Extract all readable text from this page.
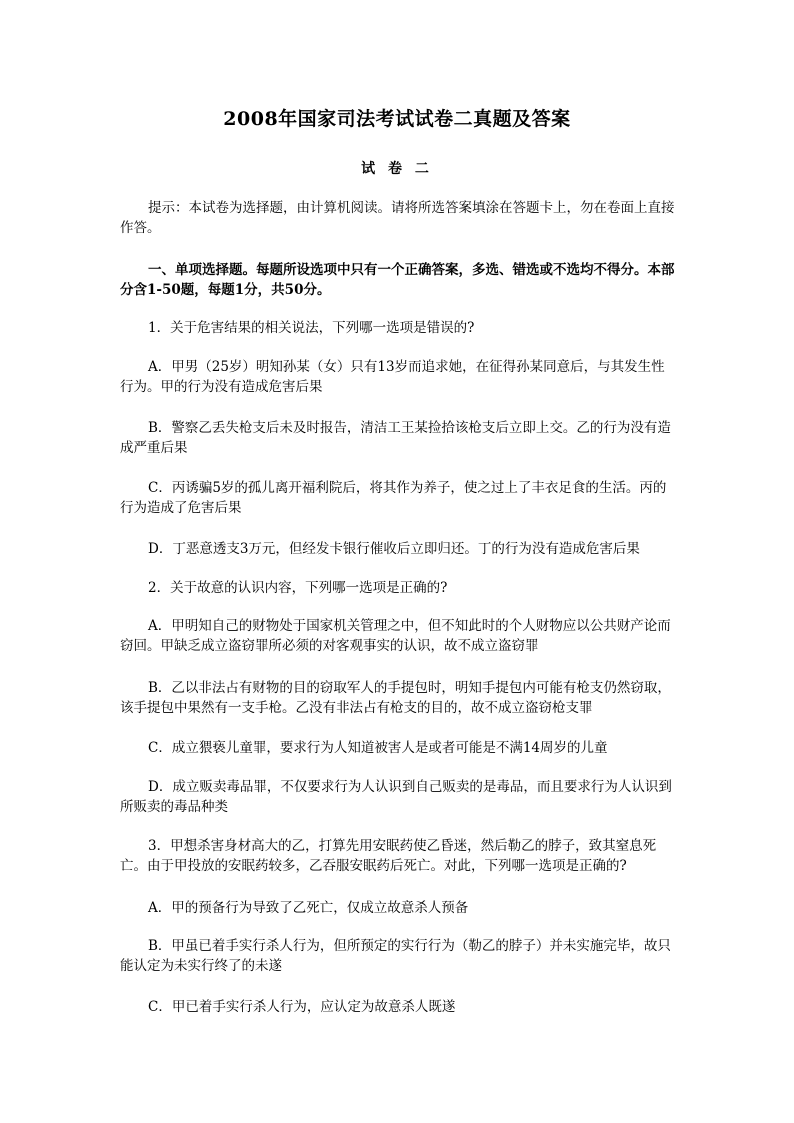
2008年国家司法考试试卷二真题及答案
试 卷 二
提示：本试卷为选择题，由计算机阅读。请将所选答案填涂在答题卡上，勿在卷面上直接作答。
一、单项选择题。每题所设选项中只有一个正确答案，多选、错选或不选均不得分。本部分含1-50题，每题1分，共50分。
1．关于危害结果的相关说法，下列哪一选项是错误的?
A．甲男（25岁）明知孙某（女）只有13岁而追求她，在征得孙某同意后，与其发生性行为。甲的行为没有造成危害后果
B．警察乙丢失枪支后未及时报告，清洁工王某捡拾该枪支后立即上交。乙的行为没有造成严重后果
C．丙诱骗5岁的孤儿离开福利院后，将其作为养子，使之过上了丰衣足食的生活。丙的行为造成了危害后果
D．丁恶意透支3万元，但经发卡银行催收后立即归还。丁的行为没有造成危害后果
2．关于故意的认识内容，下列哪一选项是正确的?
A．甲明知自己的财物处于国家机关管理之中，但不知此时的个人财物应以公共财产论而窃回。甲缺乏成立盗窃罪所必须的对客观事实的认识，故不成立盗窃罪
B．乙以非法占有财物的目的窃取军人的手提包时，明知手提包内可能有枪支仍然窃取，该手提包中果然有一支手枪。乙没有非法占有枪支的目的，故不成立盗窃枪支罪
C．成立猥亵儿童罪，要求行为人知道被害人是或者可能是不满14周岁的儿童
D．成立贩卖毒品罪，不仅要求行为人认识到自己贩卖的是毒品，而且要求行为人认识到所贩卖的毒品种类
3．甲想杀害身材高大的乙，打算先用安眠药使乙昏迷，然后勒乙的脖子，致其窒息死亡。由于甲投放的安眠药较多，乙吞服安眠药后死亡。对此，下列哪一选项是正确的?
A．甲的预备行为导致了乙死亡，仅成立故意杀人预备
B．甲虽已着手实行杀人行为，但所预定的实行行为（勒乙的脖子）并未实施完毕，故只能认定为未实行终了的未遂
C．甲已着手实行杀人行为，应认定为故意杀人既遂
